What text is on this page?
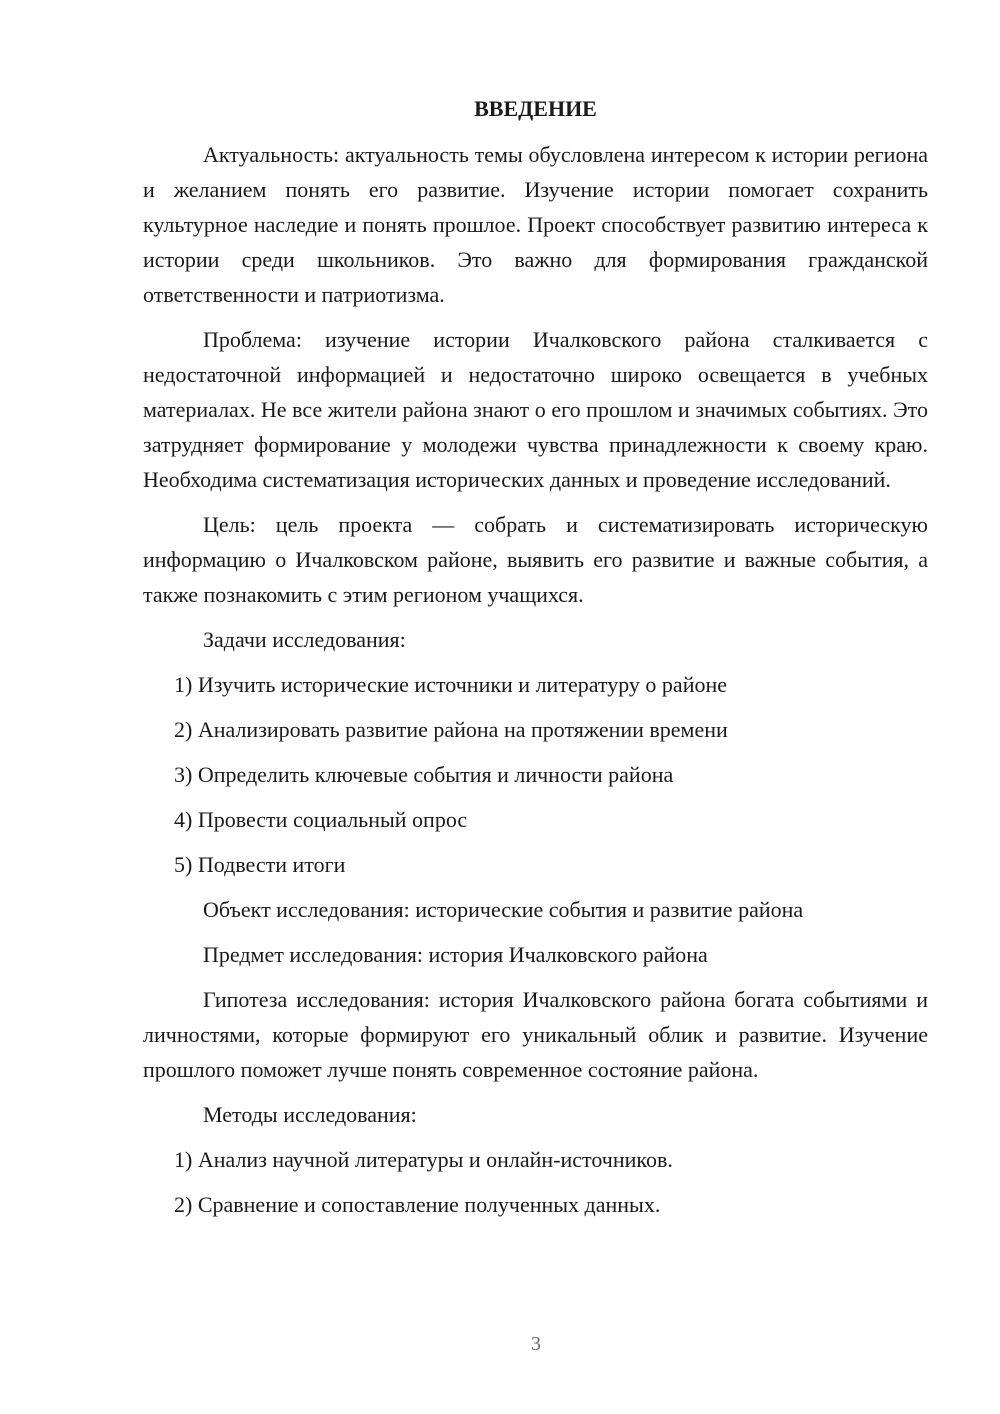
ВВЕДЕНИЕ

Актуальность: актуальность темы обусловлена интересом к истории региона и желанием понять его развитие. Изучение истории помогает сохранить культурное наследие и понять прошлое. Проект способствует развитию интереса к истории среди школьников. Это важно для формирования гражданской ответственности и патриотизма.

Проблема: изучение истории Ичалковского района сталкивается с недостаточной информацией и недостаточно широко освещается в учебных материалах. Не все жители района знают о его прошлом и значимых событиях. Это затрудняет формирование у молодежи чувства принадлежности к своему краю. Необходима систематизация исторических данных и проведение исследований.

Цель: цель проекта — собрать и систематизировать историческую информацию о Ичалковском районе, выявить его развитие и важные события, а также познакомить с этим регионом учащихся.

Задачи исследования:
1) Изучить исторические источники и литературу о районе
2) Анализировать развитие района на протяжении времени
3) Определить ключевые события и личности района
4) Провести социальный опрос
5) Подвести итоги
Объект исследования: исторические события и развитие района
Предмет исследования: история Ичалковского района

Гипотеза исследования: история Ичалковского района богата событиями и личностями, которые формируют его уникальный облик и развитие. Изучение прошлого поможет лучше понять современное состояние района.

Методы исследования:
1) Анализ научной литературы и онлайн-источников.
2) Сравнение и сопоставление полученных данных.
3
